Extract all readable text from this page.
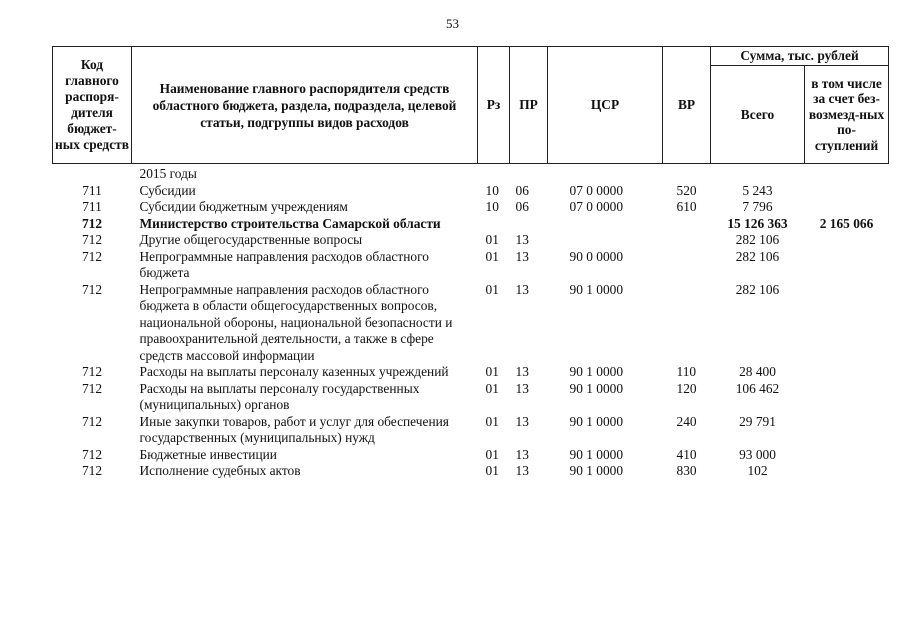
53
Код главного распоря-дителя бюджет-ных средств	Наименование главного распорядителя средств областного бюджета, раздела, подраздела, целевой статьи, подгруппы видов расходов	Рз	ПР	ЦСР	ВР	Сумма, тыс. рублей	
						Всего	в том числе за счет без-возмезд-ных по-ступлений
	2015 годы						
711	Субсидии	10	06	07 0 0000	520	5 243	
711	Субсидии бюджетным учреждениям	10	06	07 0 0000	610	7 796	
712	Министерство строительства Самарской области					15 126 363	2 165 066
712	Другие общегосударственные вопросы	01	13			282 106	
712	Непрограммные направления расходов областного бюджета	01	13	90 0 0000		282 106	
712	Непрограммные направления расходов областного бюджета в области общегосударственных вопросов, национальной обороны, национальной безопасности и правоохранительной деятельности, а также в сфере средств массовой информации	01	13	90 1 0000		282 106	
712	Расходы на выплаты персоналу казенных учреждений	01	13	90 1 0000	110	28 400	
712	Расходы на выплаты персоналу государственных (муниципальных) органов	01	13	90 1 0000	120	106 462	
712	Иные закупки товаров, работ и услуг для обеспечения государственных (муниципальных) нужд	01	13	90 1 0000	240	29 791	
712	Бюджетные инвестиции	01	13	90 1 0000	410	93 000	
712	Исполнение судебных актов	01	13	90 1 0000	830	102	
